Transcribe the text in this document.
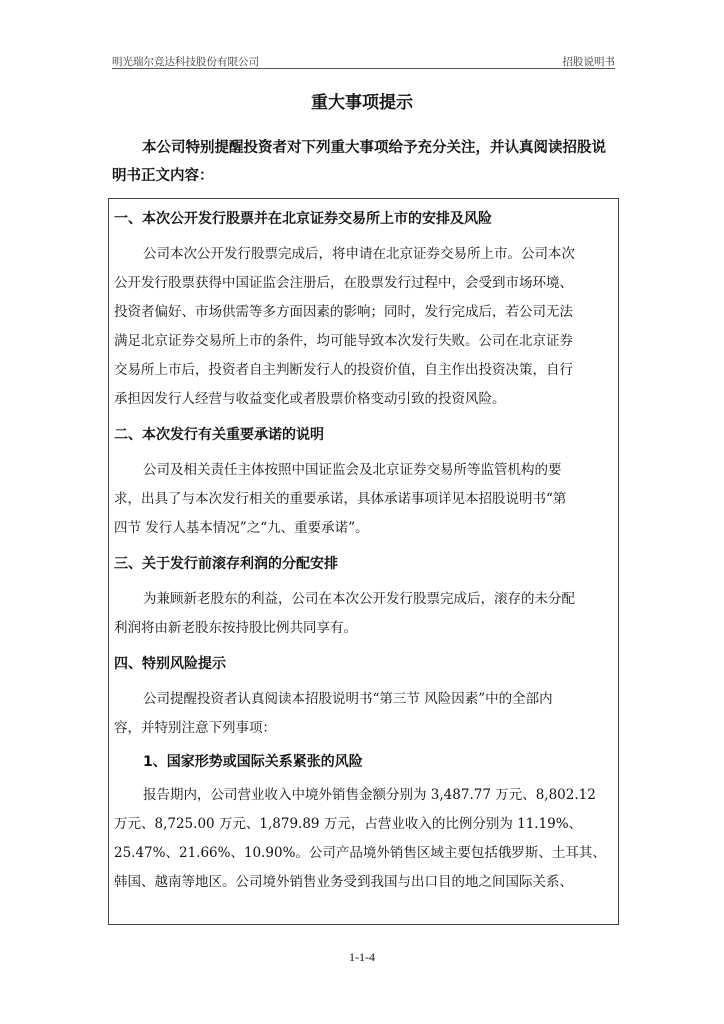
明光瑞尔竞达科技股份有限公司	招股说明书
重大事项提示
本公司特别提醒投资者对下列重大事项给予充分关注，并认真阅读招股说
明书正文内容：
一、本次公开发行股票并在北京证券交易所上市的安排及风险
公司本次公开发行股票完成后，将申请在北京证券交易所上市。公司本次
公开发行股票获得中国证监会注册后，在股票发行过程中，会受到市场环境、
投资者偏好、市场供需等多方面因素的影响；同时，发行完成后，若公司无法
满足北京证券交易所上市的条件，均可能导致本次发行失败。公司在北京证券
交易所上市后，投资者自主判断发行人的投资价值，自主作出投资决策，自行
承担因发行人经营与收益变化或者股票价格变动引致的投资风险。
二、本次发行有关重要承诺的说明
公司及相关责任主体按照中国证监会及北京证券交易所等监管机构的要
求，出具了与本次发行相关的重要承诺，具体承诺事项详见本招股说明书“第
四节 发行人基本情况”之“九、重要承诺”。
三、关于发行前滚存利润的分配安排
为兼顾新老股东的利益，公司在本次公开发行股票完成后，滚存的未分配
利润将由新老股东按持股比例共同享有。
四、特别风险提示
公司提醒投资者认真阅读本招股说明书“第三节 风险因素”中的全部内
容，并特别注意下列事项：
1、国家形势或国际关系紧张的风险
报告期内，公司营业收入中境外销售金额分别为 3,487.77 万元、8,802.12
万元、8,725.00 万元、1,879.89 万元，占营业收入的比例分别为 11.19%、
25.47%、21.66%、10.90%。公司产品境外销售区域主要包括俄罗斯、土耳其、
韩国、越南等地区。公司境外销售业务受到我国与出口目的地之间国际关系、
1-1-4
